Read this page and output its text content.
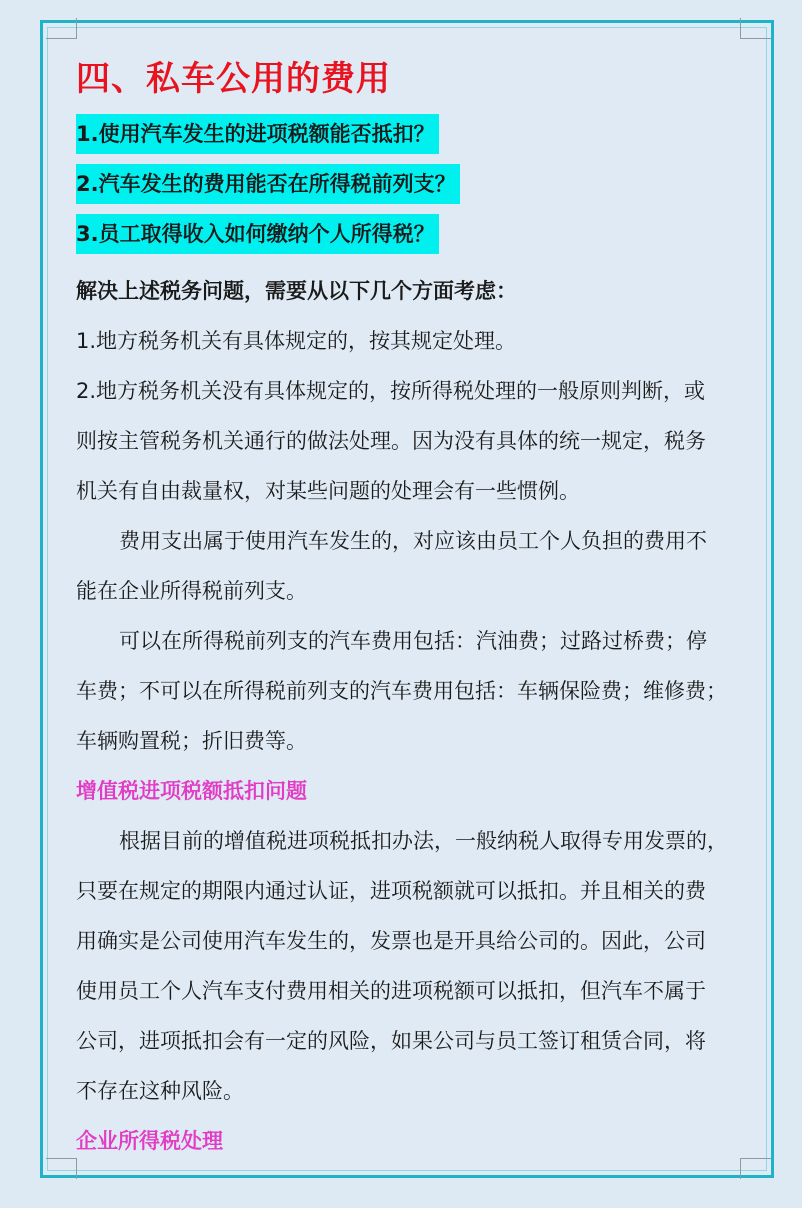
四、私车公用的费用
1.使用汽车发生的进项税额能否抵扣？
2.汽车发生的费用能否在所得税前列支？
3.员工取得收入如何缴纳个人所得税？

解决上述税务问题，需要从以下几个方面考虑：

1.地方税务机关有具体规定的，按其规定处理。

2.地方税务机关没有具体规定的，按所得税处理的一般原则判断，或

则按主管税务机关通行的做法处理。因为没有具体的统一规定，税务

机关有自由裁量权，对某些问题的处理会有一些惯例。

费用支出属于使用汽车发生的，对应该由员工个人负担的费用不

能在企业所得税前列支。

可以在所得税前列支的汽车费用包括：汽油费；过路过桥费；停

车费；不可以在所得税前列支的汽车费用包括：车辆保险费；维修费；

车辆购置税；折旧费等。

增值税进项税额抵扣问题

根据目前的增值税进项税抵扣办法，一般纳税人取得专用发票的，

只要在规定的期限内通过认证，进项税额就可以抵扣。并且相关的费

用确实是公司使用汽车发生的，发票也是开具给公司的。因此，公司

使用员工个人汽车支付费用相关的进项税额可以抵扣，但汽车不属于

公司，进项抵扣会有一定的风险，如果公司与员工签订租赁合同，将

不存在这种风险。

企业所得税处理
